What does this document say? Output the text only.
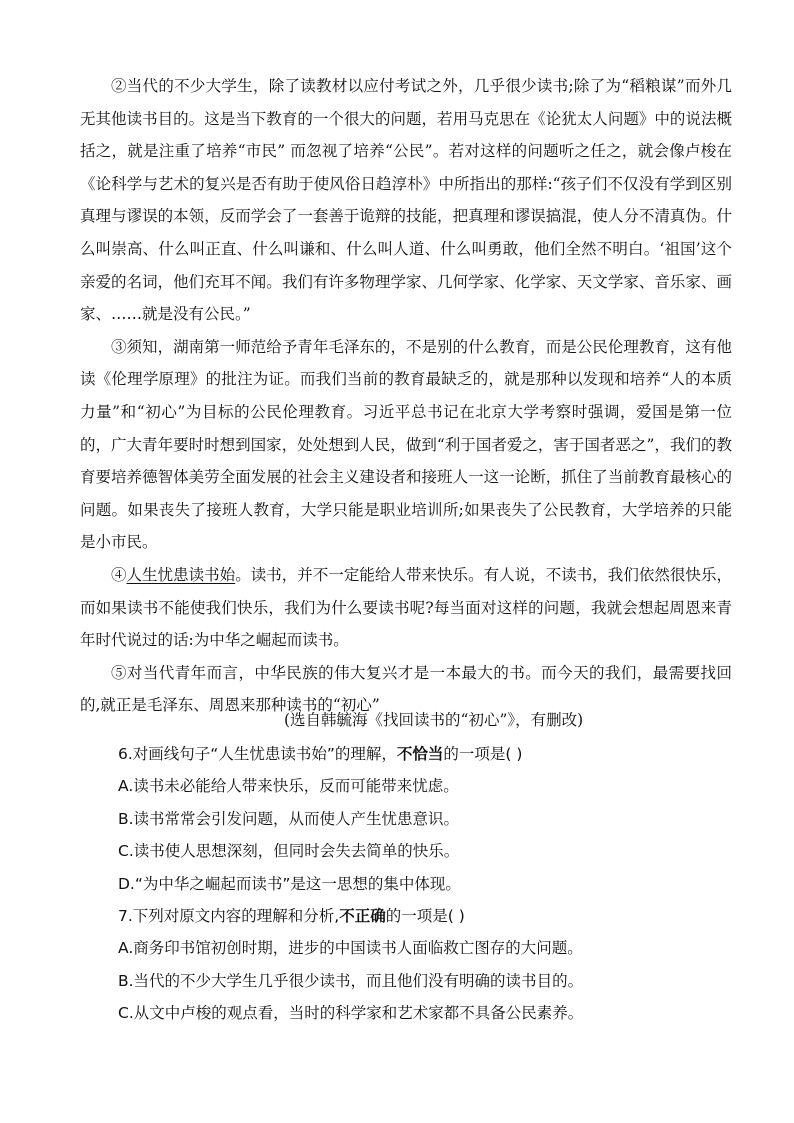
②当代的不少大学生，除了读教材以应付考试之外，几乎很少读书;除了为“稻粮谋”而外几无其他读书目的。这是当下教育的一个很大的问题，若用马克思在《论犹太人问题》中的说法概括之，就是注重了培养“市民” 而忽视了培养“公民”。若对这样的问题听之任之，就会像卢梭在《论科学与艺术的复兴是否有助于使风俗日趋淳朴》中所指出的那样:“孩子们不仅没有学到区别真理与谬误的本领，反而学会了一套善于诡辩的技能，把真理和谬误搞混，使人分不清真伪。什么叫崇高、什么叫正直、什么叫谦和、什么叫人道、什么叫勇敢，他们全然不明白。‘祖国’这个亲爱的名词，他们充耳不闻。我们有许多物理学家、几何学家、化学家、天文学家、音乐家、画家、……就是没有公民。”

③须知，湖南第一师范给予青年毛泽东的，不是别的什么教育，而是公民伦理教育，这有他读《伦理学原理》的批注为证。而我们当前的教育最缺乏的，就是那种以发现和培养“人的本质力量”和“初心”为目标的公民伦理教育。习近平总书记在北京大学考察时强调，爱国是第一位的，广大青年要时时想到国家，处处想到人民，做到“利于国者爱之，害于国者恶之”，我们的教育要培养德智体美劳全面发展的社会主义建设者和接班人一这一论断，抓住了当前教育最核心的问题。如果丧失了接班人教育，大学只能是职业培训所;如果丧失了公民教育，大学培养的只能是小市民。

④人生忧患读书始。读书，并不一定能给人带来快乐。有人说，不读书，我们依然很快乐，而如果读书不能使我们快乐，我们为什么要读书呢?每当面对这样的问题，我就会想起周恩来青年时代说过的话:为中华之崛起而读书。

⑤对当代青年而言，中华民族的伟大复兴才是一本最大的书。而今天的我们，最需要找回的,就正是毛泽东、周恩来那种读书的“初心”

(选自韩毓海《找回读书的“初心”》，有删改)
6.对画线句子“人生忧患读书始”的理解，不恰当的一项是( )
A.读书未必能给人带来快乐，反而可能带来忧虑。
B.读书常常会引发问题，从而使人产生忧患意识。
C.读书使人思想深刻，但同时会失去简单的快乐。
D.“为中华之崛起而读书”是这一思想的集中体现。
7.下列对原文内容的理解和分析,不正确的一项是( )
A.商务印书馆初创时期，进步的中国读书人面临救亡图存的大问题。
B.当代的不少大学生几乎很少读书，而且他们没有明确的读书目的。
C.从文中卢梭的观点看，当时的科学家和艺术家都不具备公民素养。
